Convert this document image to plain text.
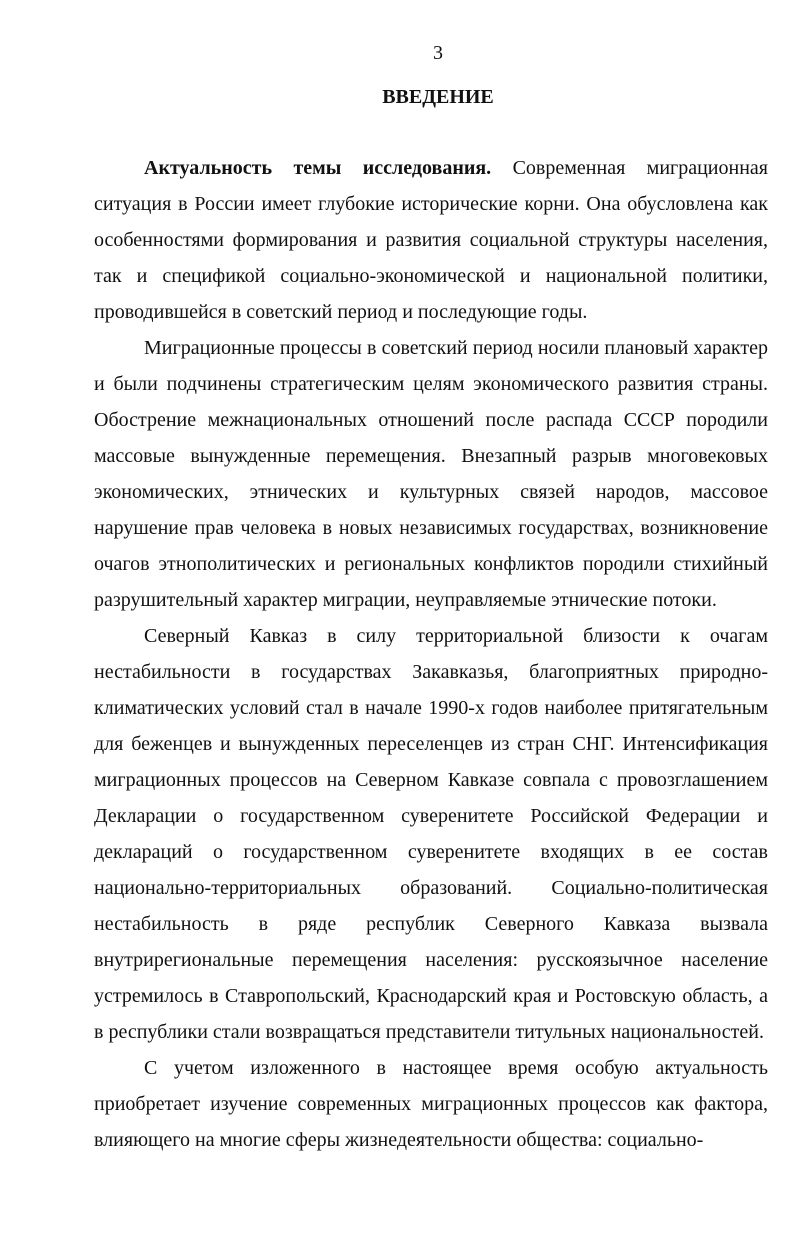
3
ВВЕДЕНИЕ

Актуальность темы исследования. Современная миграционная ситуация в России имеет глубокие исторические корни. Она обусловлена как особенностями формирования и развития социальной структуры населения, так и спецификой социально-экономической и национальной политики, проводившейся в советский период и последующие годы.

Миграционные процессы в советский период носили плановый характер и были подчинены стратегическим целям экономического развития страны. Обострение межнациональных отношений после распада СССР породили массовые вынужденные перемещения. Внезапный разрыв многовековых экономических, этнических и культурных связей народов, массовое нарушение прав человека в новых независимых государствах, возникновение очагов этнополитических и региональных конфликтов породили стихийный разрушительный характер миграции, неуправляемые этнические потоки.

Северный Кавказ в силу территориальной близости к очагам нестабильности в государствах Закавказья, благоприятных природно-климатических условий стал в начале 1990-х годов наиболее притягательным для беженцев и вынужденных переселенцев из стран СНГ. Интенсификация миграционных процессов на Северном Кавказе совпала с провозглашением Декларации о государственном суверенитете Российской Федерации и деклараций о государственном суверенитете входящих в ее состав национально-территориальных образований. Социально-политическая нестабильность в ряде республик Северного Кавказа вызвала внутрирегиональные перемещения населения: русскоязычное население устремилось в Ставропольский, Краснодарский края и Ростовскую область, а в республики стали возвращаться представители титульных национальностей.

С учетом изложенного в настоящее время особую актуальность приобретает изучение современных миграционных процессов как фактора, влияющего на многие сферы жизнедеятельности общества: социально-
